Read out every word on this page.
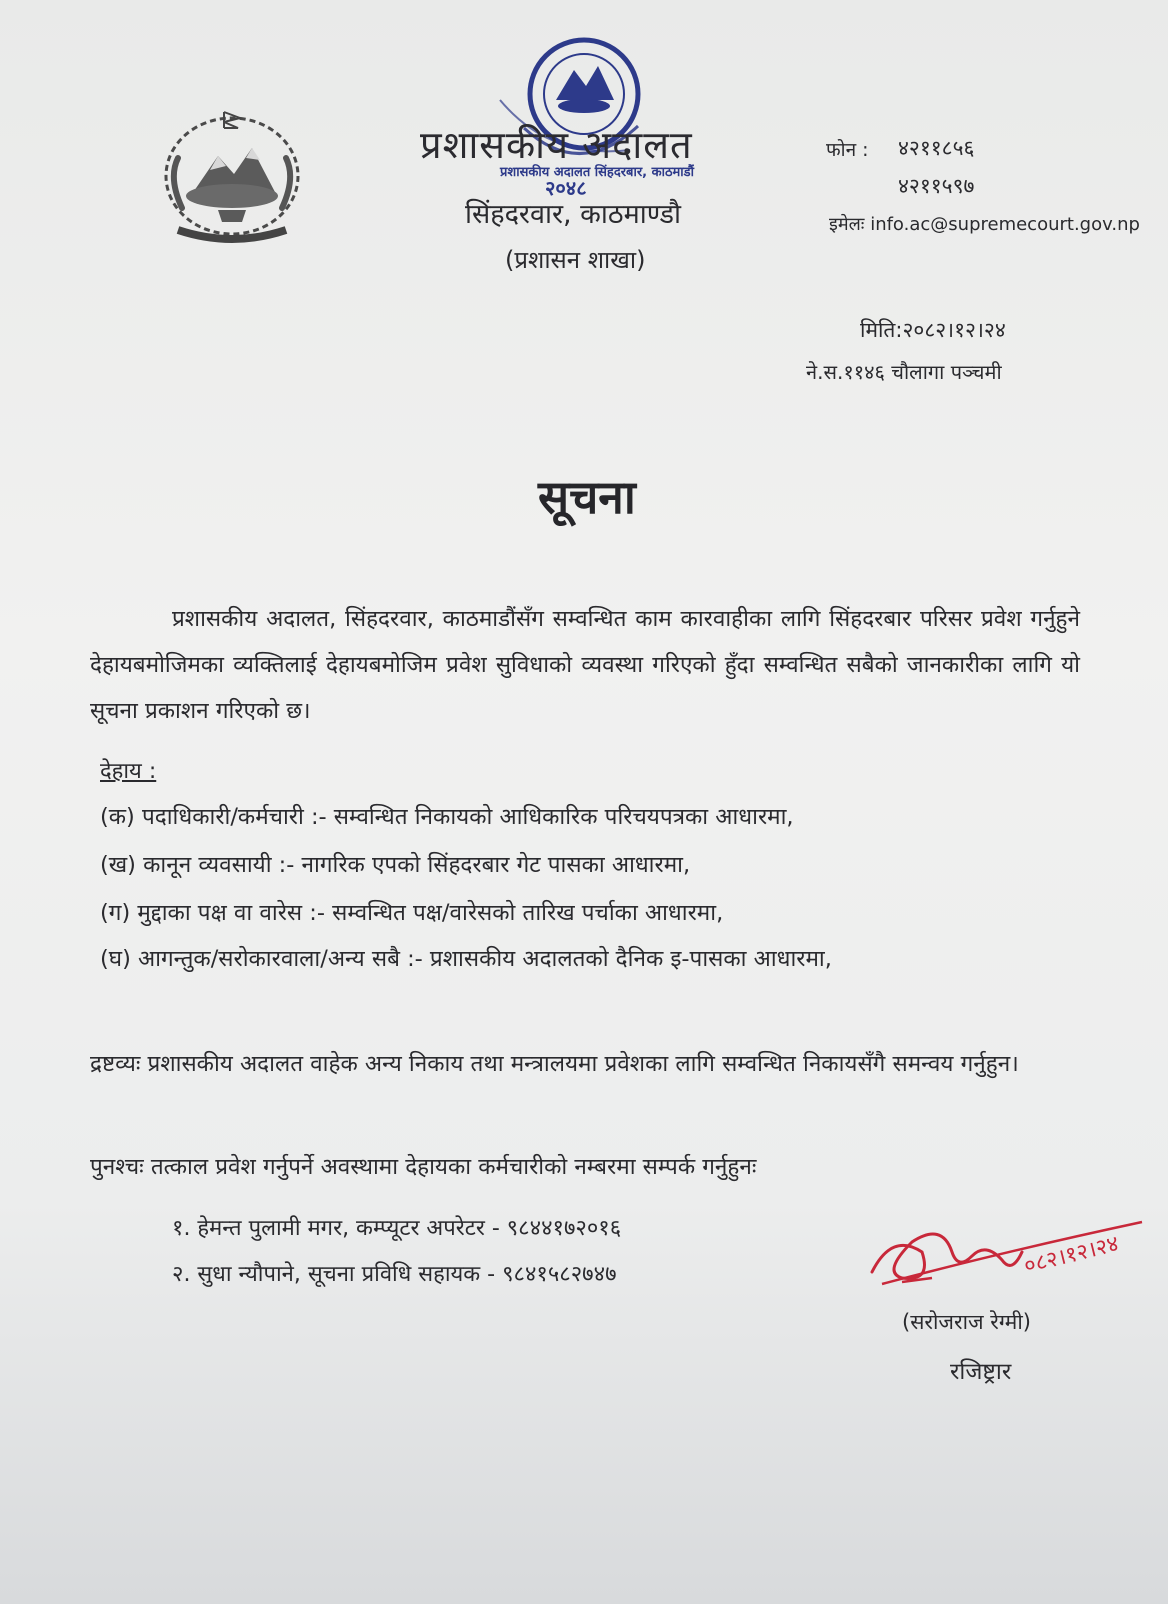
प्रशासकीय अदालत सिंहदरबार, काठमाडौं
प्रशासकीय अदालत
२०४८
सिंहदरवार, काठमाण्डौ
(प्रशासन शाखा)
फोन : ४२११८५६
४२११५९७
इमेलः info.ac@supremecourt.gov.np
मिति:२०८२।१२।२४
ने.स.११४६ चौलागा पञ्चमी
सूचना
प्रशासकीय अदालत, सिंहदरवार, काठमाडौंसँग सम्वन्धित काम कारवाहीका लागि सिंहदरबार परिसर प्रवेश गर्नुहुने देहायबमोजिमका व्यक्तिलाई देहायबमोजिम प्रवेश सुविधाको व्यवस्था गरिएको हुँदा सम्वन्धित सबैको जानकारीका लागि यो सूचना प्रकाशन गरिएको छ।
देहाय :
(क) पदाधिकारी/कर्मचारी :- सम्वन्धित निकायको आधिकारिक परिचयपत्रका आधारमा,
(ख) कानून व्यवसायी :- नागरिक एपको सिंहदरबार गेट पासका आधारमा,
(ग) मुद्दाका पक्ष वा वारेस :- सम्वन्धित पक्ष/वारेसको तारिख पर्चाका आधारमा,
(घ) आगन्तुक/सरोकारवाला/अन्य सबै :- प्रशासकीय अदालतको दैनिक इ-पासका आधारमा,
द्रष्टव्यः प्रशासकीय अदालत वाहेक अन्य निकाय तथा मन्त्रालयमा प्रवेशका लागि सम्वन्धित निकायसँगै समन्वय गर्नुहुन।
पुनश्चः तत्काल प्रवेश गर्नुपर्ने अवस्थामा देहायका कर्मचारीको नम्बरमा सम्पर्क गर्नुहुनः
१. हेमन्त पुलामी मगर, कम्प्यूटर अपरेटर - ९८४४१७२०१६
२. सुधा न्यौपाने, सूचना प्रविधि सहायक - ९८४१५८२७४७	०८२।१२।२४
(सरोजराज रेग्मी)
रजिष्ट्रार
